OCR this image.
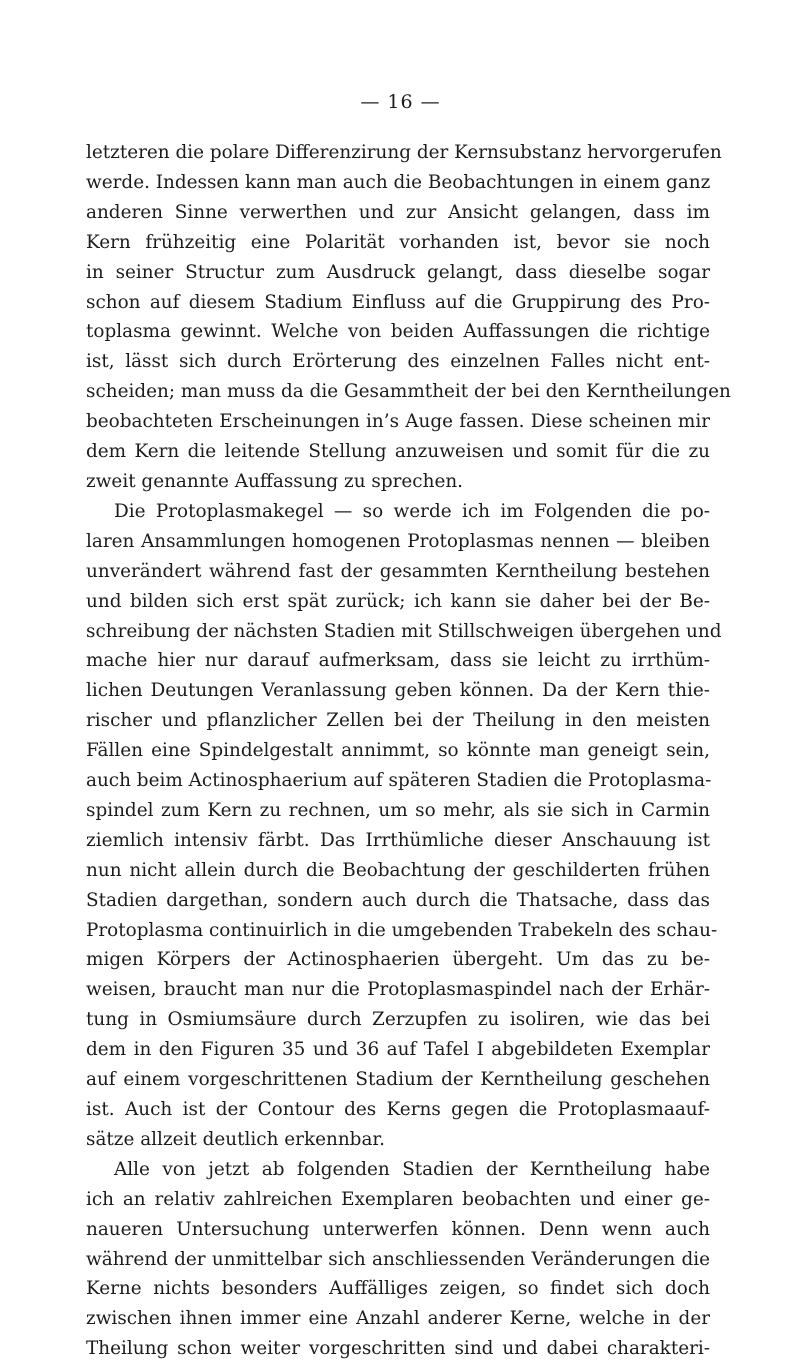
— 16 —
letzteren die polare Differenzirung der Kernsubstanz hervorgerufen
werde. Indessen kann man auch die Beobachtungen in einem ganz
anderen Sinne verwerthen und zur Ansicht gelangen, dass im
Kern frühzeitig eine Polarität vorhanden ist, bevor sie noch
in seiner Structur zum Ausdruck gelangt, dass dieselbe sogar
schon auf diesem Stadium Einfluss auf die Gruppirung des Pro-
toplasma gewinnt. Welche von beiden Auffassungen die richtige
ist, lässt sich durch Erörterung des einzelnen Falles nicht ent-
scheiden; man muss da die Gesammtheit der bei den Kerntheilungen
beobachteten Erscheinungen in’s Auge fassen. Diese scheinen mir
dem Kern die leitende Stellung anzuweisen und somit für die zu
zweit genannte Auffassung zu sprechen.
Die Protoplasmakegel — so werde ich im Folgenden die po-
laren Ansammlungen homogenen Protoplasmas nennen — bleiben
unverändert während fast der gesammten Kerntheilung bestehen
und bilden sich erst spät zurück; ich kann sie daher bei der Be-
schreibung der nächsten Stadien mit Stillschweigen übergehen und
mache hier nur darauf aufmerksam, dass sie leicht zu irrthüm-
lichen Deutungen Veranlassung geben können. Da der Kern thie-
rischer und pflanzlicher Zellen bei der Theilung in den meisten
Fällen eine Spindelgestalt annimmt, so könnte man geneigt sein,
auch beim Actinosphaerium auf späteren Stadien die Protoplasma-
spindel zum Kern zu rechnen, um so mehr, als sie sich in Carmin
ziemlich intensiv färbt. Das Irrthümliche dieser Anschauung ist
nun nicht allein durch die Beobachtung der geschilderten frühen
Stadien dargethan, sondern auch durch die Thatsache, dass das
Protoplasma continuirlich in die umgebenden Trabekeln des schau-
migen Körpers der Actinosphaerien übergeht. Um das zu be-
weisen, braucht man nur die Protoplasmaspindel nach der Erhär-
tung in Osmiumsäure durch Zerzupfen zu isoliren, wie das bei
dem in den Figuren 35 und 36 auf Tafel I abgebildeten Exemplar
auf einem vorgeschrittenen Stadium der Kerntheilung geschehen
ist. Auch ist der Contour des Kerns gegen die Protoplasmaauf-
sätze allzeit deutlich erkennbar.
Alle von jetzt ab folgenden Stadien der Kerntheilung habe
ich an relativ zahlreichen Exemplaren beobachten und einer ge-
naueren Untersuchung unterwerfen können. Denn wenn auch
während der unmittelbar sich anschliessenden Veränderungen die
Kerne nichts besonders Auffälliges zeigen, so findet sich doch
zwischen ihnen immer eine Anzahl anderer Kerne, welche in der
Theilung schon weiter vorgeschritten sind und dabei charakteri-
